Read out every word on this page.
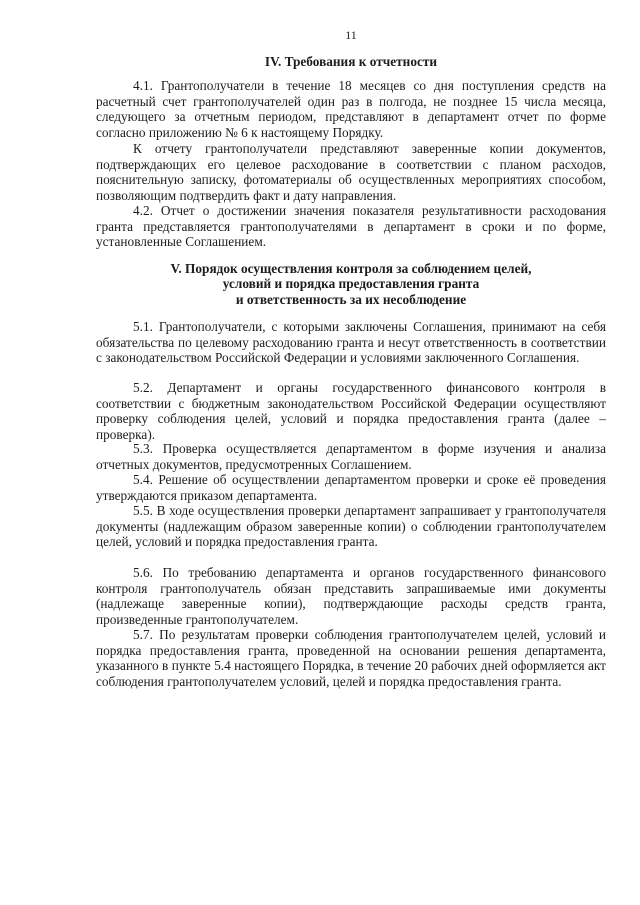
11
IV. Требования к отчетности

4.1. Грантополучатели в течение 18 месяцев со дня поступления средств на расчетный счет грантополучателей один раз в полгода, не позднее 15 числа месяца, следующего за отчетным периодом, представляют в департамент отчет по форме согласно приложению № 6 к настоящему Порядку.

К отчету грантополучатели представляют заверенные копии документов, подтверждающих его целевое расходование в соответствии с планом расходов, пояснительную записку, фотоматериалы об осуществленных мероприятиях способом, позволяющим подтвердить факт и дату направления.

4.2. Отчет о достижении значения показателя результативности расходования гранта представляется грантополучателями в департамент в сроки и по форме, установленные Соглашением.

V. Порядок осуществления контроля за соблюдением целей,
условий и порядка предоставления гранта
и ответственность за их несоблюдение

5.1. Грантополучатели, с которыми заключены Соглашения, принимают на себя обязательства по целевому расходованию гранта и несут ответственность в соответствии с законодательством Российской Федерации и условиями заключенного Соглашения.

5.2. Департамент и органы государственного финансового контроля в соответствии с бюджетным законодательством Российской Федерации осуществляют проверку соблюдения целей, условий и порядка предоставления гранта (далее – проверка).

5.3. Проверка осуществляется департаментом в форме изучения и анализа отчетных документов, предусмотренных Соглашением.

5.4. Решение об осуществлении департаментом проверки и сроке её проведения утверждаются приказом департамента.

5.5. В ходе осуществления проверки департамент запрашивает у грантополучателя документы (надлежащим образом заверенные копии) о соблюдении грантополучателем целей, условий и порядка предоставления гранта.

5.6. По требованию департамента и органов государственного финансового контроля грантополучатель обязан представить запрашиваемые ими документы (надлежаще заверенные копии), подтверждающие расходы средств гранта, произведенные грантополучателем.

5.7. По результатам проверки соблюдения грантополучателем целей, условий и порядка предоставления гранта, проведенной на основании решения департамента, указанного в пункте 5.4 настоящего Порядка, в течение 20 рабочих дней оформляется акт соблюдения грантополучателем условий, целей и порядка предоставления гранта.
